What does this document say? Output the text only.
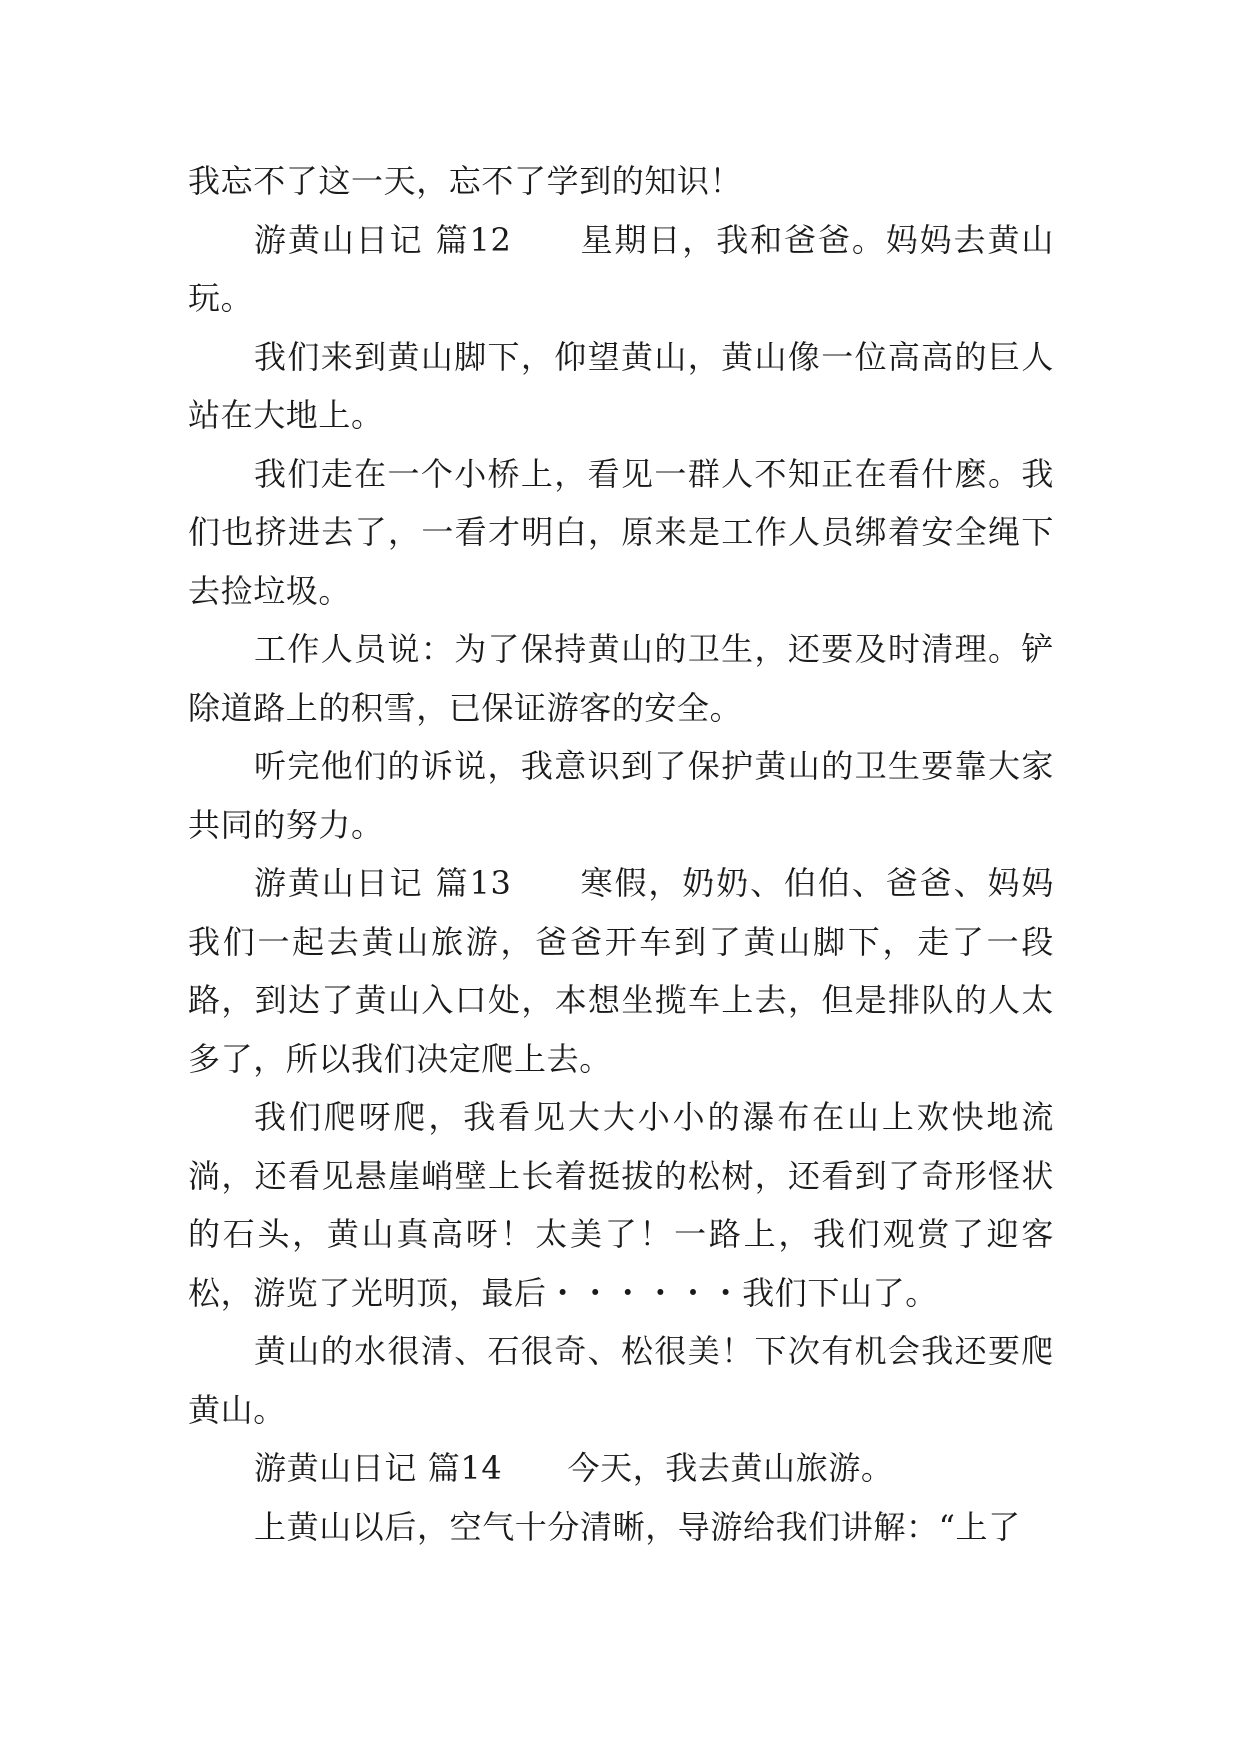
我忘不了这一天，忘不了学到的知识！

游黄山日记 篇12　　星期日，我和爸爸。妈妈去黄山玩。

我们来到黄山脚下，仰望黄山，黄山像一位高高的巨人站在大地上。

我们走在一个小桥上，看见一群人不知正在看什麽。我们也挤进去了，一看才明白，原来是工作人员绑着安全绳下去捡垃圾。

工作人员说：为了保持黄山的卫生，还要及时清理。铲除道路上的积雪，已保证游客的安全。

听完他们的诉说，我意识到了保护黄山的卫生要靠大家共同的努力。

游黄山日记 篇13　　寒假，奶奶、伯伯、爸爸、妈妈我们一起去黄山旅游，爸爸开车到了黄山脚下，走了一段路，到达了黄山入口处，本想坐揽车上去，但是排队的人太多了，所以我们决定爬上去。

我们爬呀爬，我看见大大小小的瀑布在山上欢快地流淌，还看见悬崖峭壁上长着挺拔的松树，还看到了奇形怪状的石头，黄山真高呀！太美了！一路上，我们观赏了迎客松，游览了光明顶，最后・・・・・・我们下山了。

黄山的水很清、石很奇、松很美！下次有机会我还要爬黄山。

游黄山日记 篇14　　今天，我去黄山旅游。

上黄山以后，空气十分清晰，导游给我们讲解：“上了
